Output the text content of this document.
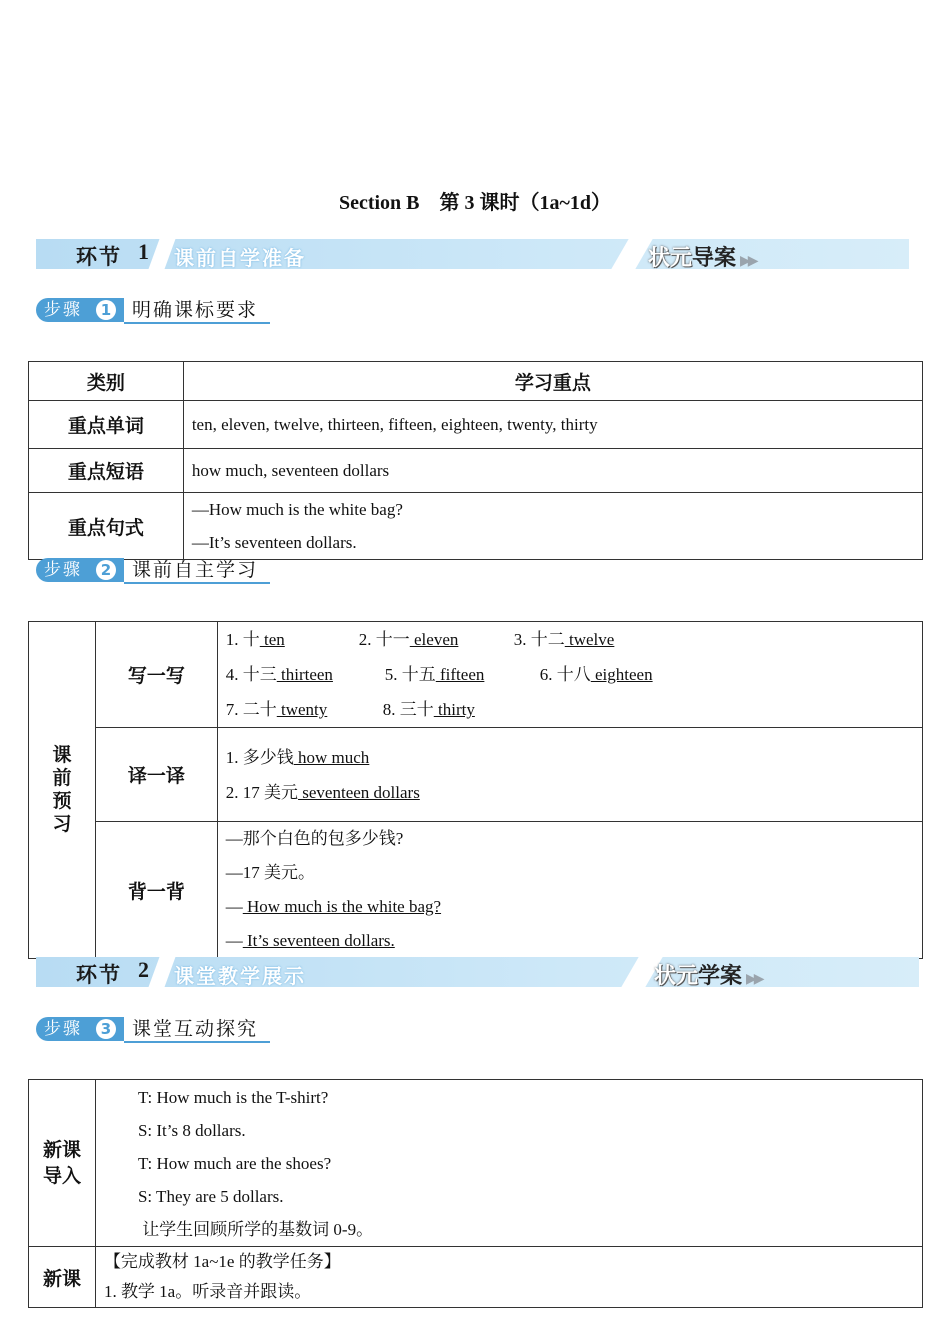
Section B　第 3 课时（1a~1d）
环节 1 课前自学准备	状元导案 ▶▶
步骤	1 明确课标要求
类别	学习重点
重点单词	ten, eleven, twelve, thirteen, fifteen, eighteen, twenty, thirty
重点短语	how much, seventeen dollars
重点句式	—How much is the white bag?
—It’s seventeen dollars.
步骤	2 课前自主学习
课前预习	写一写	1. 十 ten 2. 十一 eleven 3. 十二 twelve
4. 十三 thirteen 5. 十五 fifteen 6. 十八 eighteen
7. 二十 twenty 8. 三十 thirty

	译一译	1. 多少钱 how much
2. 17 美元 seventeen dollars

	背一背	—那个白色的包多少钱?
—17 美元。
— How much is the white bag?
— It’s seventeen dollars.
环节 2 课堂教学展示	状元学案 ▶▶
步骤	3 课堂互动探究
新课导入	T: How much is the T-shirt?
S: It’s 8 dollars.
T: How much are the shoes?
S: They are 5 dollars.
让学生回顾所学的基数词 0-9。

新课	【完成教材 1a~1e 的教学任务】
1. 教学 1a。听录音并跟读。
